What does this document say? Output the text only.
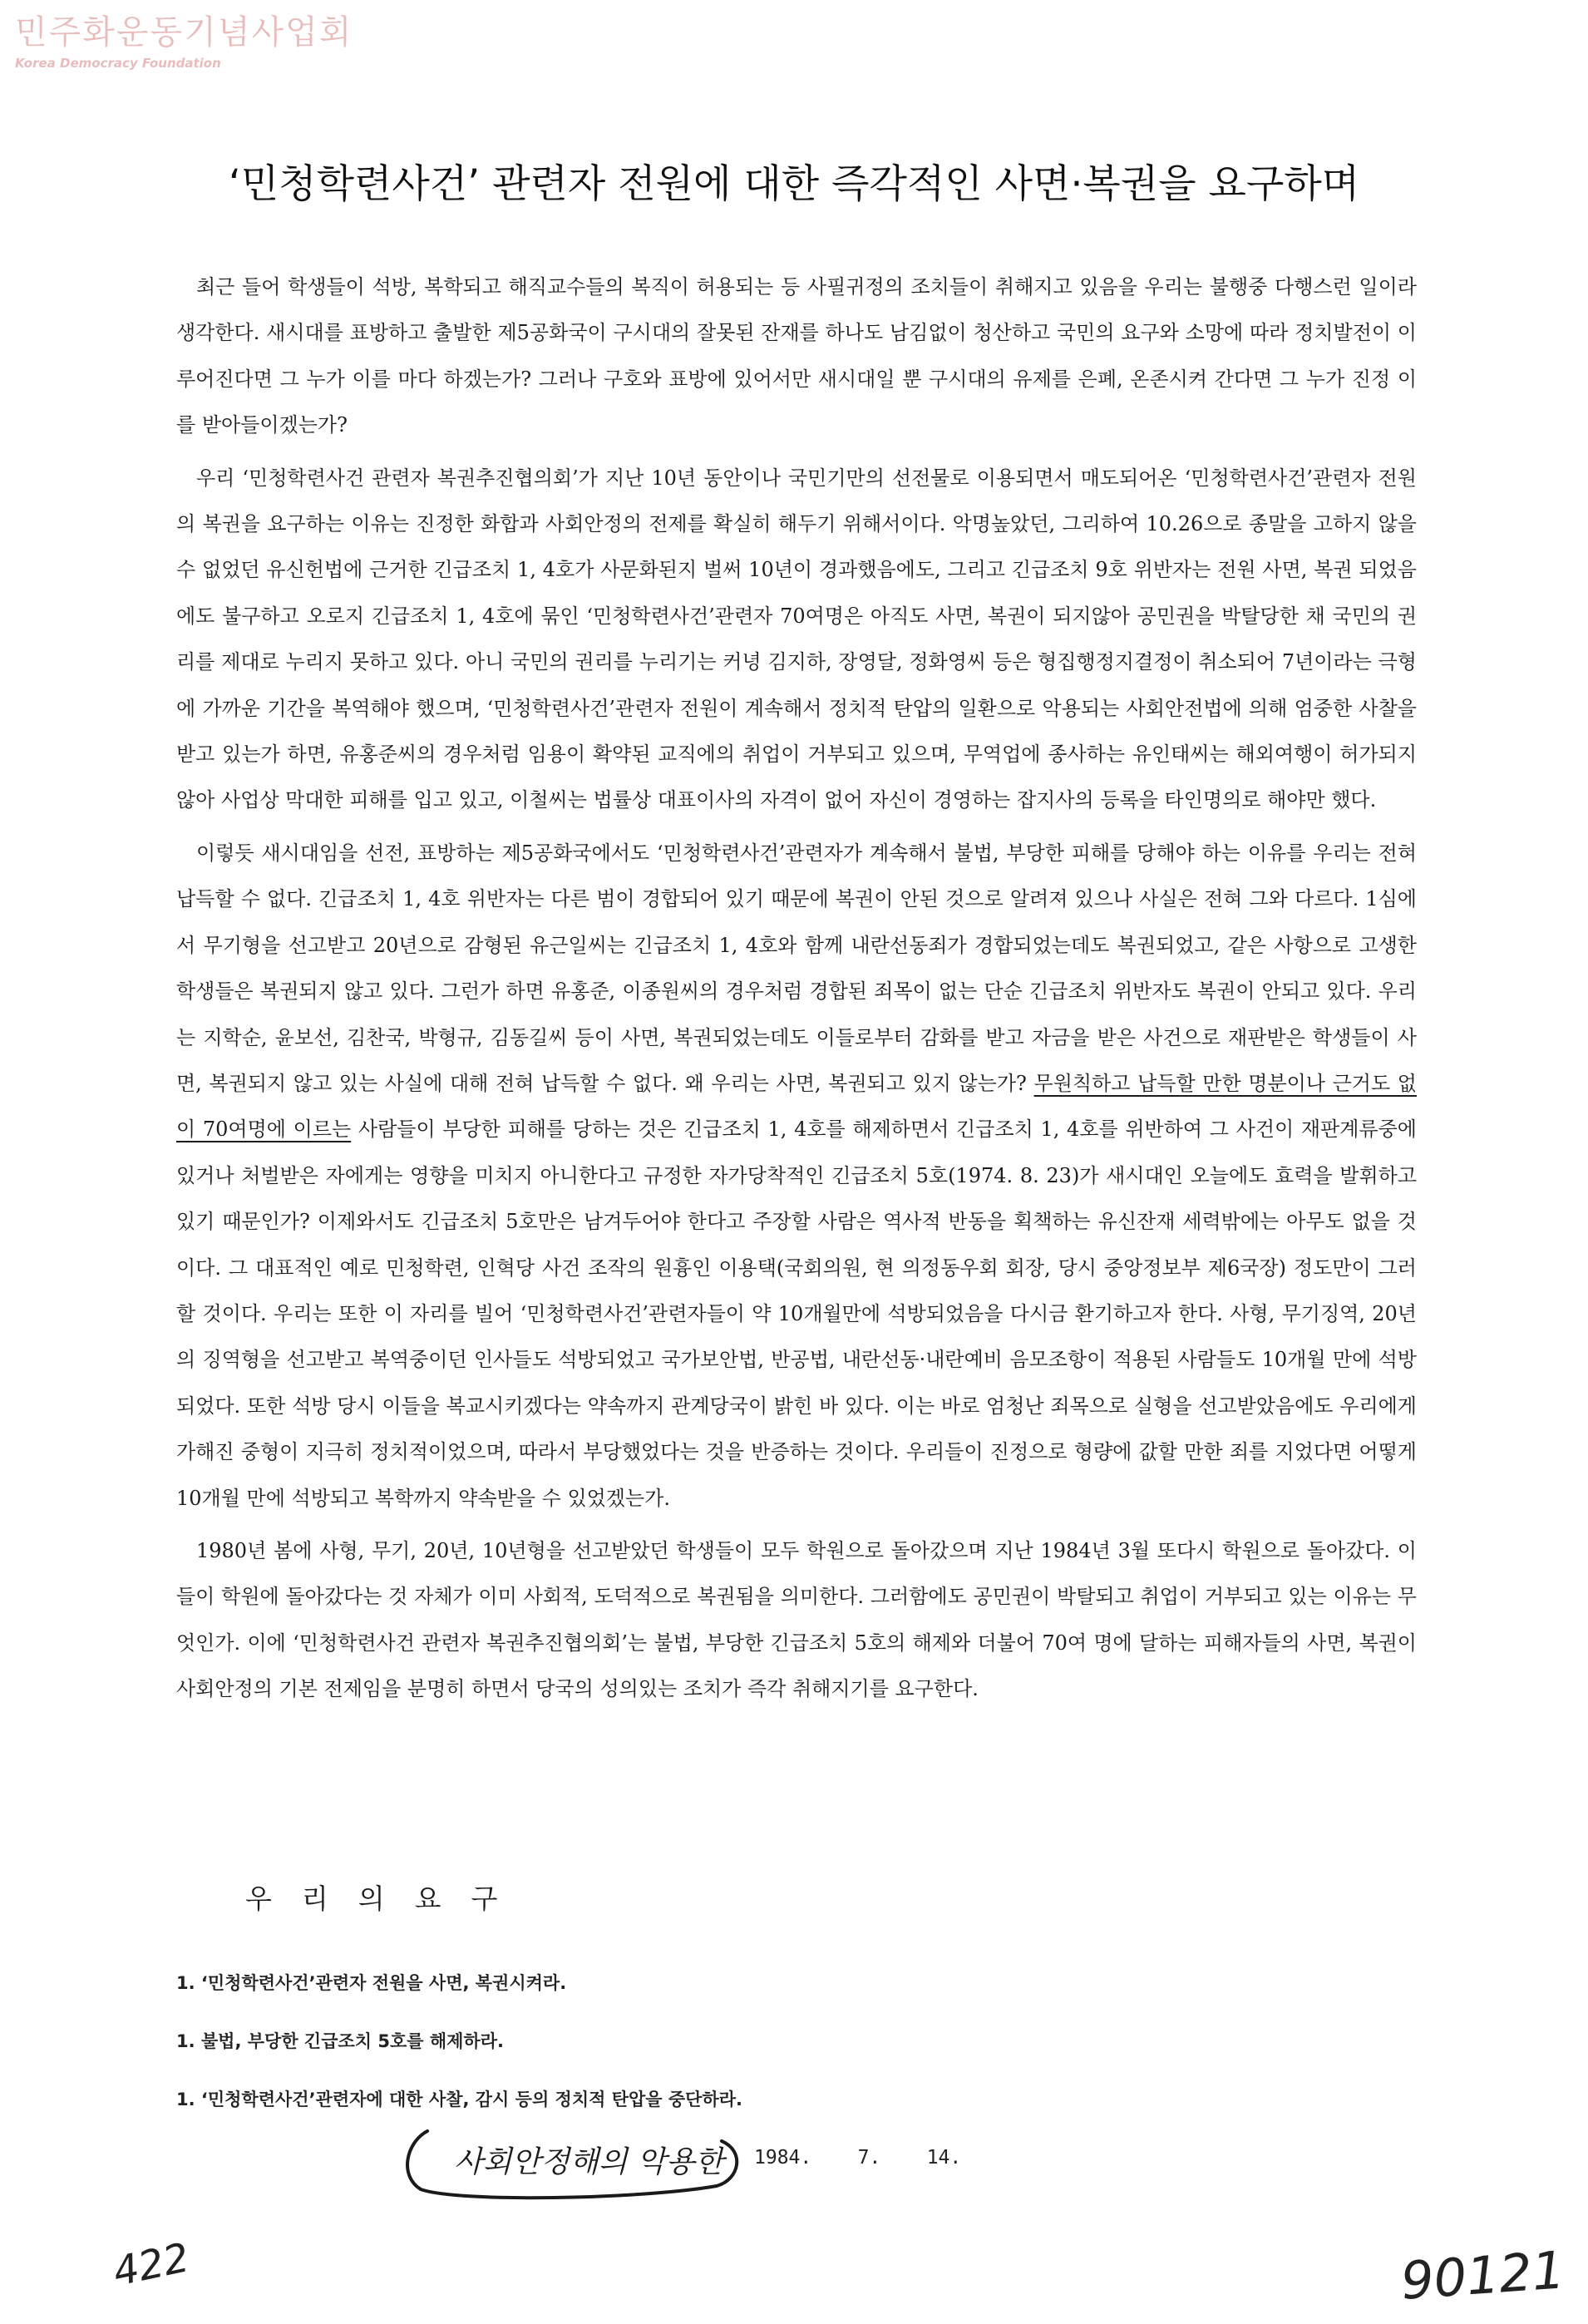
민주화운동기념사업회
Korea Democracy Foundation
‘민청학련사건’ 관련자 전원에 대한 즉각적인 사면·복권을 요구하며

최근 들어 학생들이 석방, 복학되고 해직교수들의 복직이 허용되는 등 사필귀정의 조치들이 취해지고 있음을 우리는 불행중 다행스런 일이라 생각한다. 새시대를 표방하고 출발한 제5공화국이 구시대의 잘못된 잔재를 하나도 남김없이 청산하고 국민의 요구와 소망에 따라 정치발전이 이루어진다면 그 누가 이를 마다 하겠는가? 그러나 구호와 표방에 있어서만 새시대일 뿐 구시대의 유제를 은폐, 온존시켜 간다면 그 누가 진정 이를 받아들이겠는가?

우리 ‘민청학련사건 관련자 복권추진협의회’가 지난 10년 동안이나 국민기만의 선전물로 이용되면서 매도되어온 ‘민청학련사건’관련자 전원의 복권을 요구하는 이유는 진정한 화합과 사회안정의 전제를 확실히 해두기 위해서이다. 악명높았던, 그리하여 10.26으로 종말을 고하지 않을 수 없었던 유신헌법에 근거한 긴급조치 1, 4호가 사문화된지 벌써 10년이 경과했음에도, 그리고 긴급조치 9호 위반자는 전원 사면, 복권 되었음에도 불구하고 오로지 긴급조치 1, 4호에 묶인 ‘민청학련사건’관련자 70여명은 아직도 사면, 복권이 되지않아 공민권을 박탈당한 채 국민의 권리를 제대로 누리지 못하고 있다. 아니 국민의 권리를 누리기는 커녕 김지하, 장영달, 정화영씨 등은 형집행정지결정이 취소되어 7년이라는 극형에 가까운 기간을 복역해야 했으며, ‘민청학련사건’관련자 전원이 계속해서 정치적 탄압의 일환으로 악용되는 사회안전법에 의해 엄중한 사찰을 받고 있는가 하면, 유홍준씨의 경우처럼 임용이 확약된 교직에의 취업이 거부되고 있으며, 무역업에 종사하는 유인태씨는 해외여행이 허가되지 않아 사업상 막대한 피해를 입고 있고, 이철씨는 법률상 대표이사의 자격이 없어 자신이 경영하는 잡지사의 등록을 타인명의로 해야만 했다.

이렇듯 새시대임을 선전, 표방하는 제5공화국에서도 ‘민청학련사건’관련자가 계속해서 불법, 부당한 피해를 당해야 하는 이유를 우리는 전혀 납득할 수 없다. 긴급조치 1, 4호 위반자는 다른 범이 경합되어 있기 때문에 복권이 안된 것으로 알려져 있으나 사실은 전혀 그와 다르다. 1심에서 무기형을 선고받고 20년으로 감형된 유근일씨는 긴급조치 1, 4호와 함께 내란선동죄가 경합되었는데도 복권되었고, 같은 사항으로 고생한 학생들은 복권되지 않고 있다. 그런가 하면 유홍준, 이종원씨의 경우처럼 경합된 죄목이 없는 단순 긴급조치 위반자도 복권이 안되고 있다. 우리는 지학순, 윤보선, 김찬국, 박형규, 김동길씨 등이 사면, 복권되었는데도 이들로부터 감화를 받고 자금을 받은 사건으로 재판받은 학생들이 사면, 복권되지 않고 있는 사실에 대해 전혀 납득할 수 없다. 왜 우리는 사면, 복권되고 있지 않는가? 무원칙하고 납득할 만한 명분이나 근거도 없이 70여명에 이르는 사람들이 부당한 피해를 당하는 것은 긴급조치 1, 4호를 해제하면서 긴급조치 1, 4호를 위반하여 그 사건이 재판계류중에 있거나 처벌받은 자에게는 영향을 미치지 아니한다고 규정한 자가당착적인 긴급조치 5호(1974. 8. 23)가 새시대인 오늘에도 효력을 발휘하고 있기 때문인가? 이제와서도 긴급조치 5호만은 남겨두어야 한다고 주장할 사람은 역사적 반동을 획책하는 유신잔재 세력밖에는 아무도 없을 것이다. 그 대표적인 예로 민청학련, 인혁당 사건 조작의 원흉인 이용택(국회의원, 현 의정동우회 회장, 당시 중앙정보부 제6국장) 정도만이 그러할 것이다. 우리는 또한 이 자리를 빌어 ‘민청학련사건’관련자들이 약 10개월만에 석방되었음을 다시금 환기하고자 한다. 사형, 무기징역, 20년의 징역형을 선고받고 복역중이던 인사들도 석방되었고 국가보안법, 반공법, 내란선동·내란예비 음모조항이 적용된 사람들도 10개월 만에 석방되었다. 또한 석방 당시 이들을 복교시키겠다는 약속까지 관계당국이 밝힌 바 있다. 이는 바로 엄청난 죄목으로 실형을 선고받았음에도 우리에게 가해진 중형이 지극히 정치적이었으며, 따라서 부당했었다는 것을 반증하는 것이다. 우리들이 진정으로 형량에 값할 만한 죄를 지었다면 어떻게 10개월 만에 석방되고 복학까지 약속받을 수 있었겠는가.

1980년 봄에 사형, 무기, 20년, 10년형을 선고받았던 학생들이 모두 학원으로 돌아갔으며 지난 1984년 3월 또다시 학원으로 돌아갔다. 이들이 학원에 돌아갔다는 것 자체가 이미 사회적, 도덕적으로 복권됨을 의미한다. 그러함에도 공민권이 박탈되고 취업이 거부되고 있는 이유는 무엇인가. 이에 ‘민청학련사건 관련자 복권추진협의회’는 불법, 부당한 긴급조치 5호의 해제와 더불어 70여 명에 달하는 피해자들의 사면, 복권이 사회안정의 기본 전제임을 분명히 하면서 당국의 성의있는 조치가 즉각 취해지기를 요구한다.

우리의요구
1. ‘민청학련사건’관련자 전원을 사면, 복권시켜라.
1. 불법, 부당한 긴급조치 5호를 해제하라.
1. ‘민청학련사건’관련자에 대한 사찰, 감시 등의 정치적 탄압을 중단하라.
사회안정해의 악용한 1984.    7.    14.
422	90121
